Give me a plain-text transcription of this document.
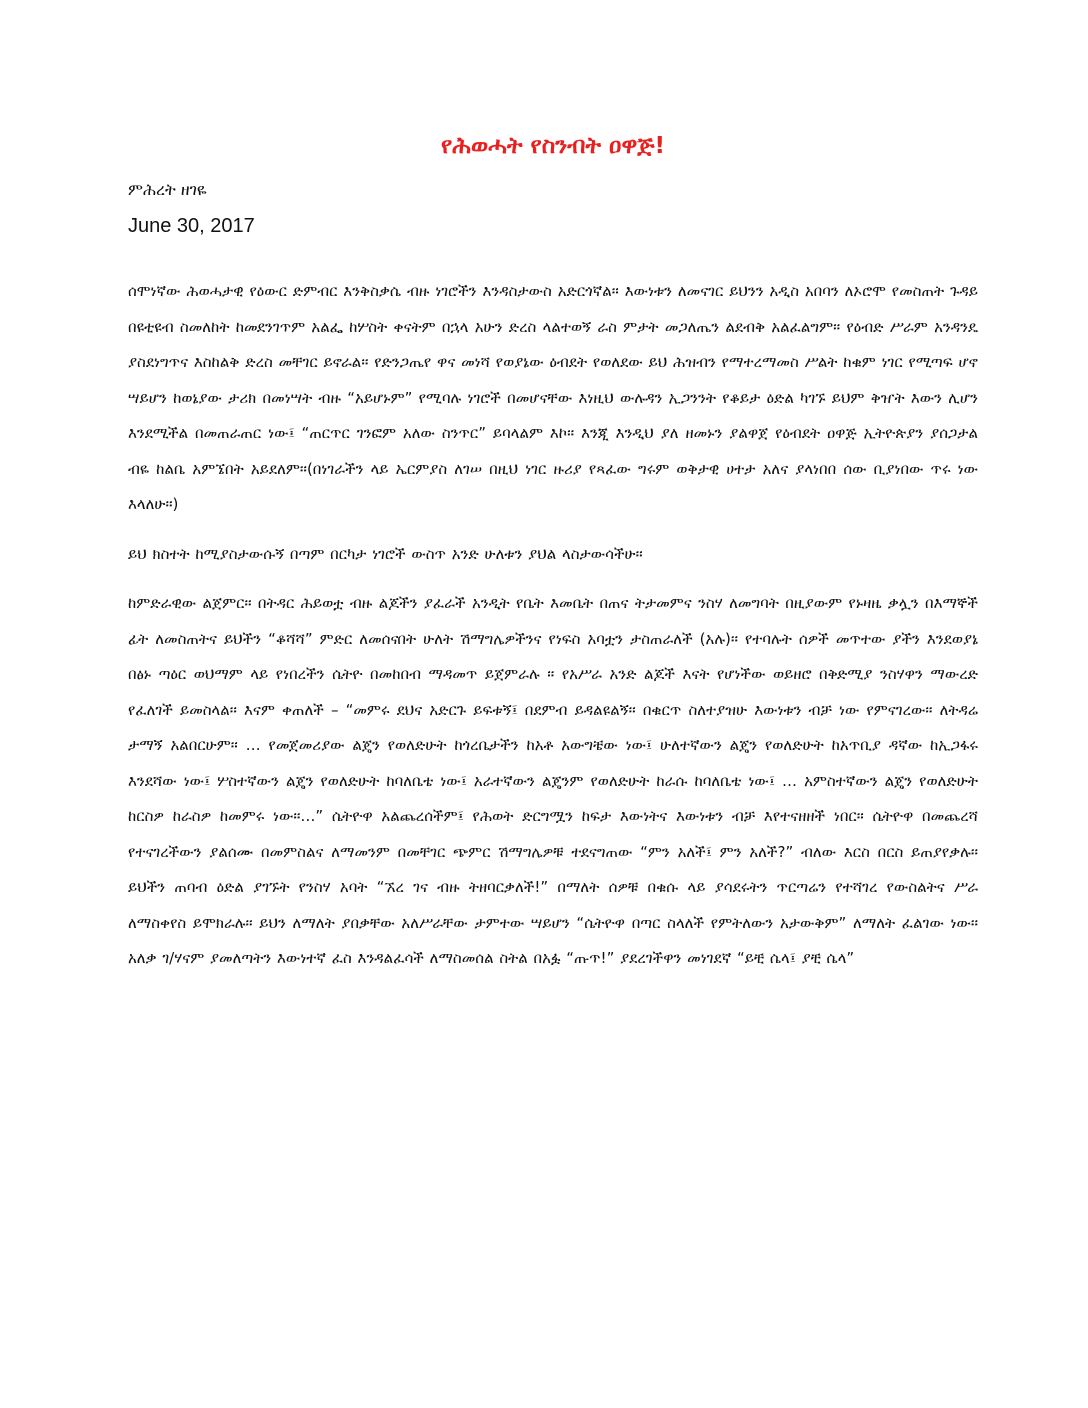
የሕወሓት የስንብት ዐዋጅ!
ምሕረት ዘገዬ
June 30, 2017

ሰሞነኛው ሕወሓታዊ የዕውር ድምብር እንቅስቃሴ ብዙ ነገሮችን እንዳስታውስ አድርጎኛል፡፡ እውነቱን ለመናገር ይህንን አዲስ አበባን ለኦሮሞ የመስጠት ጉዳይ በዩቲዩብ ስመለከት ከመደንገጥም አልፌ ከሦስት ቀናትም በኋላ አሁን ድረስ ላልተወኝ ራስ ምታት መጋለጤን ልደብቅ አልፈልግም፡፡ የዕብድ ሥራም አንዳንዴ ያስደነግጥና እስከልቅ ድረስ መቸገር ይኖራል፡፡ የድንጋጤየ ዋና መነሻ የወያኔው ዕብደት የወለደው ይህ ሕዝብን የማተረማመስ ሥልት ከቁም ነገር የሚጣፍ ሆኖ ሣይሆን ከወኔያው ታሪክ በመነሣት ብዙ “አይሆኑም” የሚባሉ ነገሮች በመሆናቸው እነዚህ ውሉዳን ኢጋንንት የቆይታ ዕድል ካገኙ ይህም ቅዠት እውን ሊሆን እንደሚችል በመጠራጠር ነው፤ “ጠርጥር ገንፎም አለው ስንጥር” ይባላልም እኮ፡፡ እንጂ እንዲህ ያለ ዘመኑን ያልዋጀ የዕብደት ዐዋጅ ኢትዮጵያን ያሰጋታል ብዬ ከልቤ አምኜበት አይደለም፡፡(በነገራችን ላይ ኤርምያስ ለገሠ በዚህ ነገር ዙሪያ የጻፈው ግሩም ወቅታዊ ሀተታ አለና ያላነበበ ሰው ቢያነበው ጥሩ ነው እላለሁ፡፡)

ይህ ክስተት ከሚያስታውሱኝ በጣም በርካታ ነገሮች ውስጥ አንድ ሁለቱን ያህል ላስታውሳችሁ፡፡

ከምድራዊው ልጀምር፡፡ በትዳር ሕይወቷ ብዙ ልጆችን ያፈራች አንዲት የቤት እመቤት በጠና ትታመምና ንስሃ ለመግባት በዚያውም የኑዛዜ ቃሏን በእማኞች ፊት ለመስጠትና ይህችን “ቆሻሻ” ምድር ለመሰናበት ሁለት ሽማግሌዎችንና የነፍስ አባቷን ታስጠራለች (አሉ)፡፡ የተባሉት ሰዎች መጥተው ያችን እንደወያኔ በፅኑ ጣዕር ወህማም ላይ የነበረችን ሴትዮ በመከበብ ማዳመጥ ይጀምራሉ ፡፡ የአሥራ አንድ ልጆች እናት የሆነችው ወይዘሮ በቅድሚያ ንስሃዋን ማውረድ የፈለገች ይመስላል፡፡ እናም ቀጠለች – “መምሩ ደህና አድርጉ ይፍቱኝ፤ በደምብ ይዳልዩልኝ፡፡ በቁርጥ ስለተያዝሁ እውነቱን ብቻ ነው የምናገረው፡፡ ለትዳሬ ታማኝ አልበርሁም፡፡ … የመጀመሪያው ልጄን የወለድሁት ከጎረቤታችን ከአቶ አውግቼው ነው፤ ሁለተኛውን ልጄን የወለድሁት ከአጥቢያ ዳኛው ከኢጋፋሩ እንደሻው ነው፤ ሦስተኛውን ልጄን የወለድሁት ከባለቤቴ ነው፤ አራተኛውን ልጄንም የወለድሁት ከራሱ ከባለቤቴ ነው፤ … አምስተኛውን ልጄን የወለድሁት ከርስዎ ከራስዎ ከመምሩ ነው፡፡…” ሴትዮዋ አልጨረሰችም፤ የሕወት ድርግሟን ከፍታ እውነትና እውነቱን ብቻ እየተናዘዘች ነበር፡፡ ሴትዮዋ በመጨረሻ የተናገረችውን ያልሰሙ በመምስልና ለማመንም በመቸገር ጭምር ሽማግሌዎቹ ተደናግጠው “ምን አለች፤ ምን አለች?” ብለው እርስ በርስ ይጠያየቃሉ፡፡ ይህችን ጠባብ ዕድል ያገኙት የንስሃ አባት “ኧረ ገና ብዙ ትዘባርቃለች!” በማለት ሰዎቹ በቁሱ ላይ ያሳደሩትን ጥርጣሬን የተሻገረ የውስልትና ሥራ ለማስቀየስ ይሞክራሉ፡፡ ይህን ለማለት ያበቃቸው አለሥራቸው ታምተው ሣይሆን “ሴትዮዋ በጣር ስላለች የምትለውን አታውቅም” ለማለት ፈልገው ነው፡፡ አለቃ ገ/ሃናም ያመለጣትን እውነተኛ ፈስ እንዳልፈሳች ለማስመሰል ስትል በአፏ “ጡጥ!” ያደረገችዋን መነገደኛ “ይቺ ሴላ፤ ያቺ ሴላ”
